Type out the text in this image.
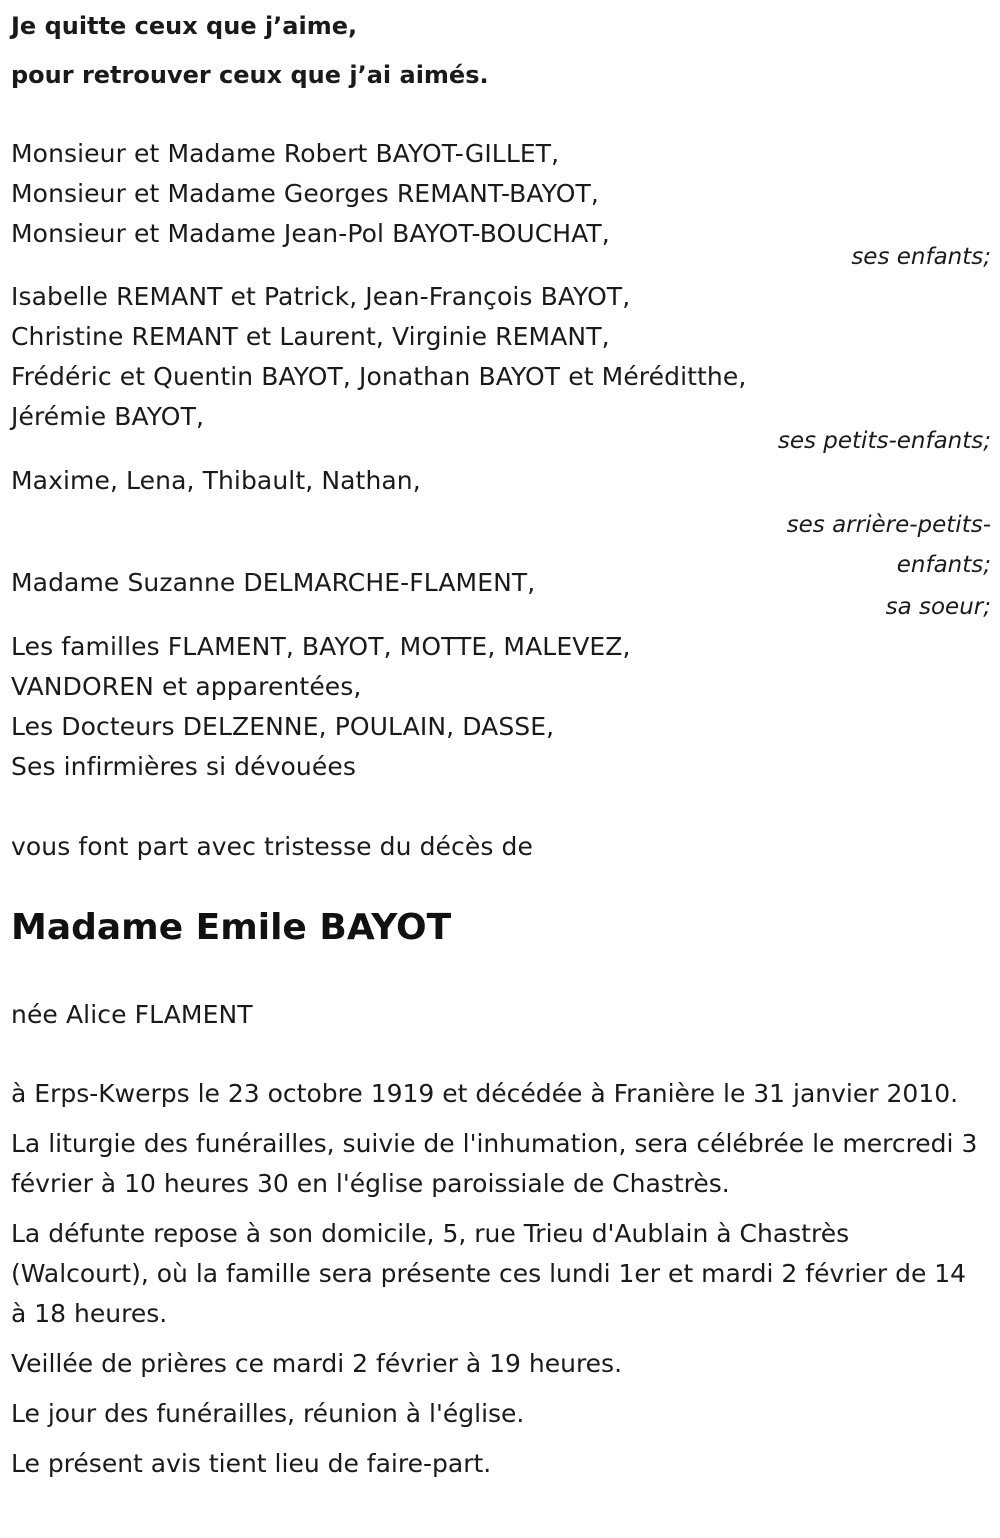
Je quitte ceux que j’aime,
pour retrouver ceux que j’ai aimés.
Monsieur et Madame Robert BAYOT-GILLET,
Monsieur et Madame Georges REMANT-BAYOT,
Monsieur et Madame Jean-Pol BAYOT-BOUCHAT,
ses enfants;
Isabelle REMANT et Patrick, Jean-François BAYOT,
Christine REMANT et Laurent, Virginie REMANT,
Frédéric et Quentin BAYOT, Jonathan BAYOT et Méréditthe,
Jérémie BAYOT,
ses petits-enfants;
Maxime, Lena, Thibault, Nathan,
ses arrière-petits-
enfants;
Madame Suzanne DELMARCHE-FLAMENT,
sa soeur;
Les familles FLAMENT, BAYOT, MOTTE, MALEVEZ,
VANDOREN et apparentées,
Les Docteurs DELZENNE, POULAIN, DASSE,
Ses infirmières si dévouées
vous font part avec tristesse du décès de
Madame Emile BAYOT
née Alice FLAMENT
à Erps-Kwerps le 23 octobre 1919 et décédée à Franière le 31 janvier 2010.
La liturgie des funérailles, suivie de l'inhumation, sera célébrée le mercredi 3 février à 10 heures 30 en l'église paroissiale de Chastrès.
La défunte repose à son domicile, 5, rue Trieu d'Aublain à Chastrès (Walcourt), où la famille sera présente ces lundi 1er et mardi 2 février de 14 à 18 heures.
Veillée de prières ce mardi 2 février à 19 heures.
Le jour des funérailles, réunion à l'église.
Le présent avis tient lieu de faire-part.
